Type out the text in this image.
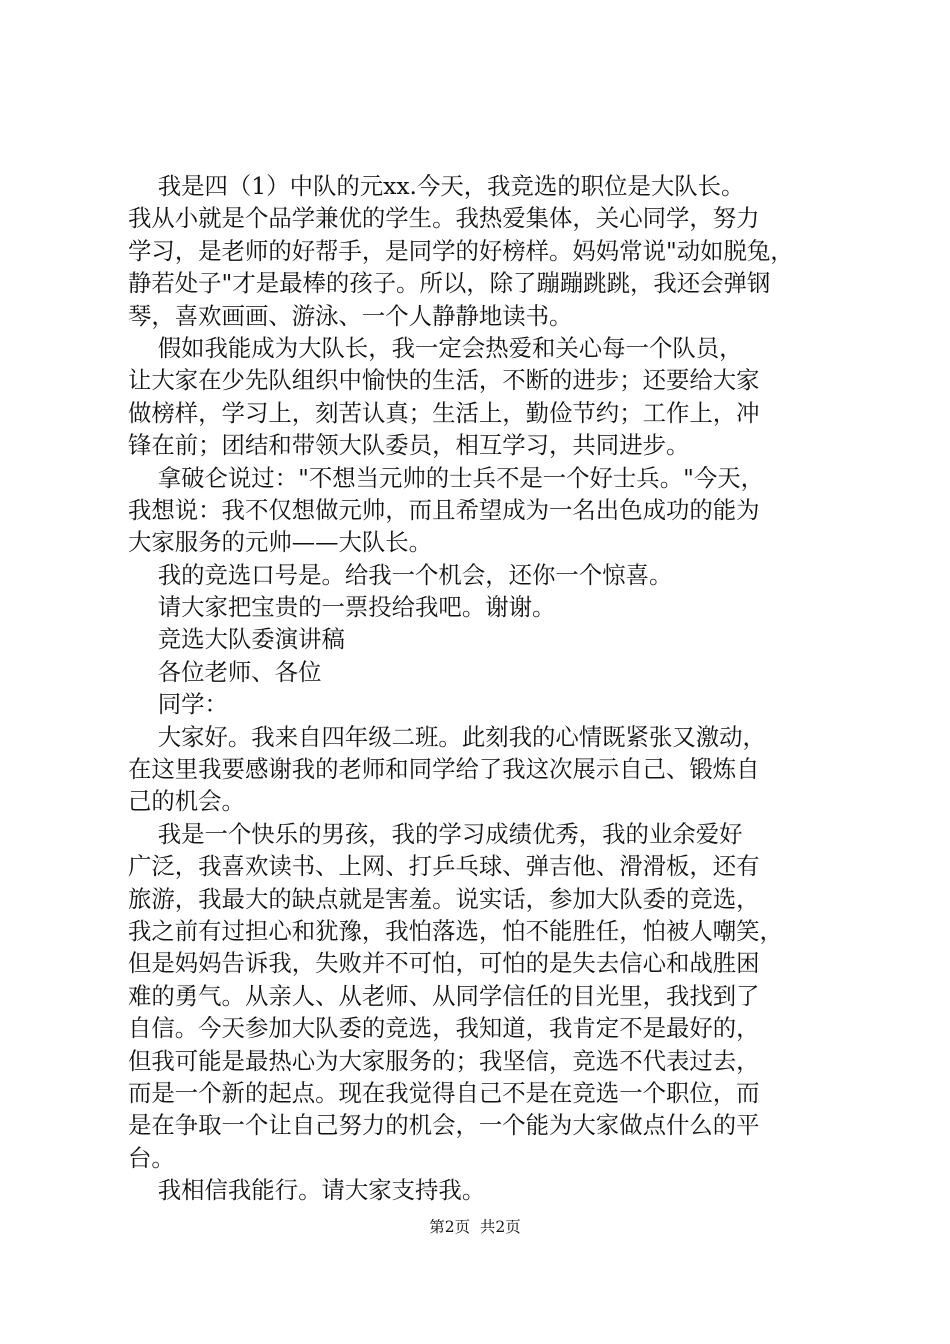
我是四（1）中队的元xx.今天，我竞选的职位是大队长。
我从小就是个品学兼优的学生。我热爱集体，关心同学，努力
学习，是老师的好帮手，是同学的好榜样。妈妈常说"动如脱兔，
静若处子"才是最棒的孩子。所以，除了蹦蹦跳跳，我还会弹钢
琴，喜欢画画、游泳、一个人静静地读书。
假如我能成为大队长，我一定会热爱和关心每一个队员，
让大家在少先队组织中愉快的生活，不断的进步；还要给大家
做榜样，学习上，刻苦认真；生活上，勤俭节约；工作上，冲
锋在前；团结和带领大队委员，相互学习，共同进步。
拿破仑说过："不想当元帅的士兵不是一个好士兵。"今天，
我想说：我不仅想做元帅，而且希望成为一名出色成功的能为
大家服务的元帅——大队长。
我的竞选口号是。给我一个机会，还你一个惊喜。
请大家把宝贵的一票投给我吧。谢谢。
竞选大队委演讲稿
各位老师、各位
同学：
大家好。我来自四年级二班。此刻我的心情既紧张又激动，
在这里我要感谢我的老师和同学给了我这次展示自己、锻炼自
己的机会。
我是一个快乐的男孩，我的学习成绩优秀，我的业余爱好
广泛，我喜欢读书、上网、打乒乓球、弹吉他、滑滑板，还有
旅游，我最大的缺点就是害羞。说实话，参加大队委的竞选，
我之前有过担心和犹豫，我怕落选，怕不能胜任，怕被人嘲笑，
但是妈妈告诉我，失败并不可怕，可怕的是失去信心和战胜困
难的勇气。从亲人、从老师、从同学信任的目光里，我找到了
自信。今天参加大队委的竞选，我知道，我肯定不是最好的，
但我可能是最热心为大家服务的；我坚信，竞选不代表过去，
而是一个新的起点。现在我觉得自己不是在竞选一个职位，而
是在争取一个让自己努力的机会，一个能为大家做点什么的平
台。
我相信我能行。请大家支持我。
第2页  共2页
